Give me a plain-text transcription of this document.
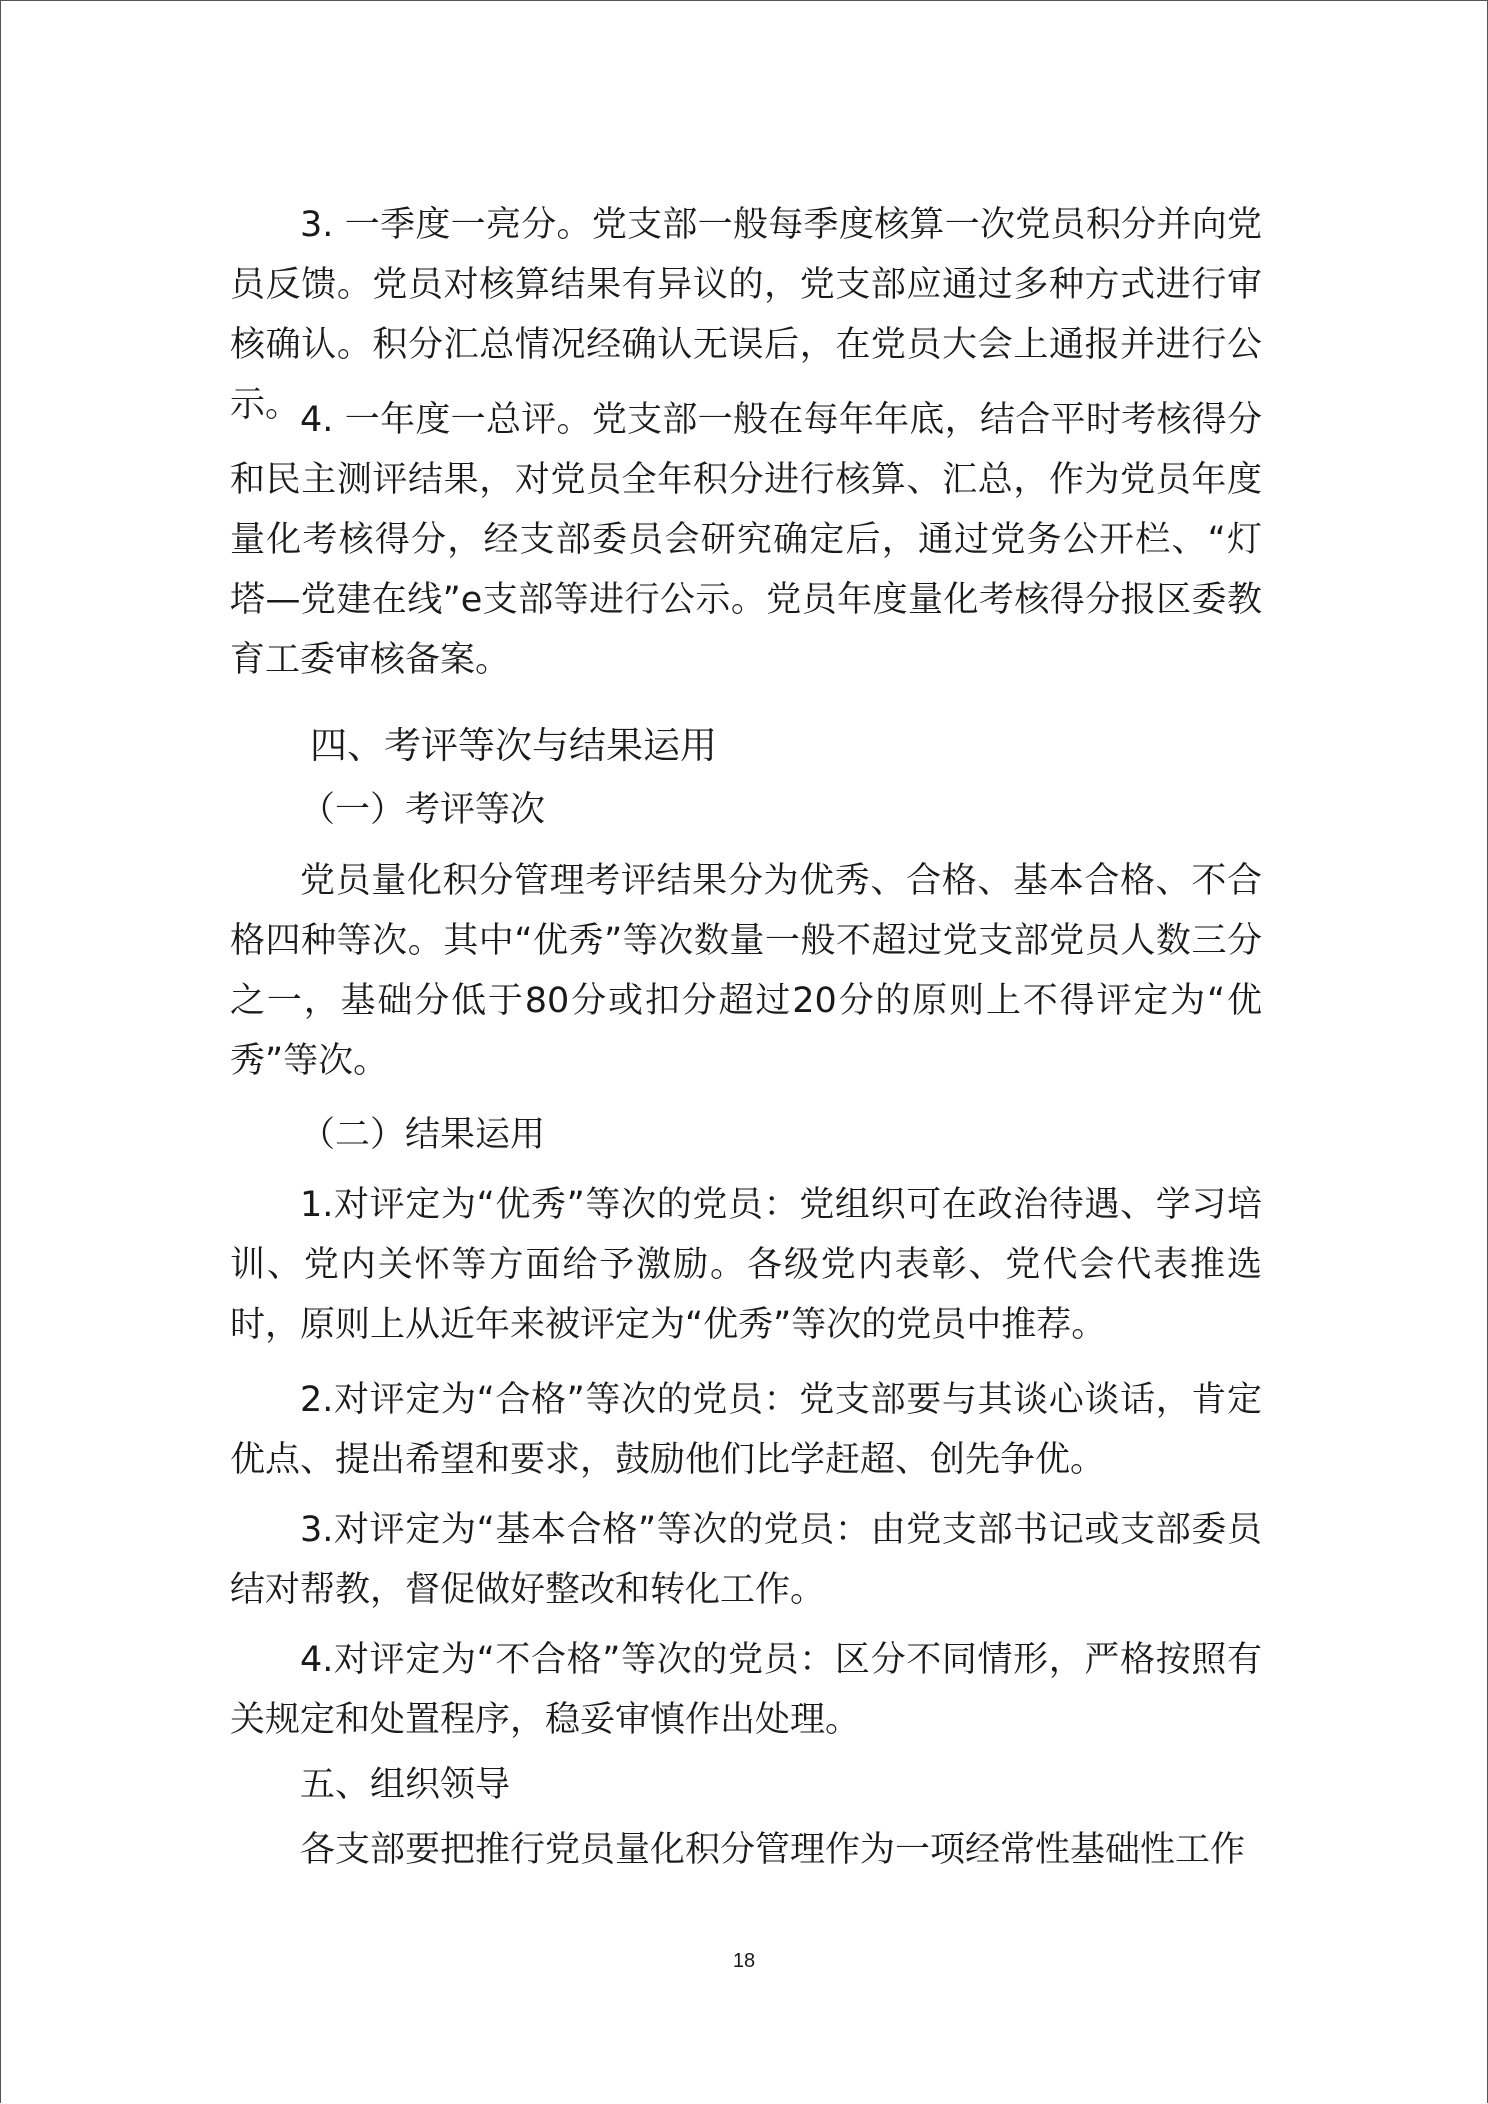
3. 一季度一亮分。党支部一般每季度核算一次党员积分并向党员反馈。党员对核算结果有异议的，党支部应通过多种方式进行审核确认。积分汇总情况经确认无误后，在党员大会上通报并进行公示。 4. 一年度一总评。党支部一般在每年年底，结合平时考核得分和民主测评结果，对党员全年积分进行核算、汇总，作为党员年度量化考核得分，经支部委员会研究确定后，通过党务公开栏、“灯塔—党建在线”e支部等进行公示。党员年度量化考核得分报区委教育工委审核备案。

四、考评等次与结果运用

（一）考评等次

党员量化积分管理考评结果分为优秀、合格、基本合格、不合格四种等次。其中“优秀”等次数量一般不超过党支部党员人数三分之一，基础分低于80分或扣分超过20分的原则上不得评定为“优秀”等次。

（二）结果运用

1.对评定为“优秀”等次的党员：党组织可在政治待遇、学习培训、党内关怀等方面给予激励。各级党内表彰、党代会代表推选时，原则上从近年来被评定为“优秀”等次的党员中推荐。

2.对评定为“合格”等次的党员：党支部要与其谈心谈话，肯定优点、提出希望和要求，鼓励他们比学赶超、创先争优。

3.对评定为“基本合格”等次的党员：由党支部书记或支部委员结对帮教，督促做好整改和转化工作。

4.对评定为“不合格”等次的党员：区分不同情形，严格按照有关规定和处置程序，稳妥审慎作出处理。

五、组织领导

各支部要把推行党员量化积分管理作为一项经常性基础性工作

18
